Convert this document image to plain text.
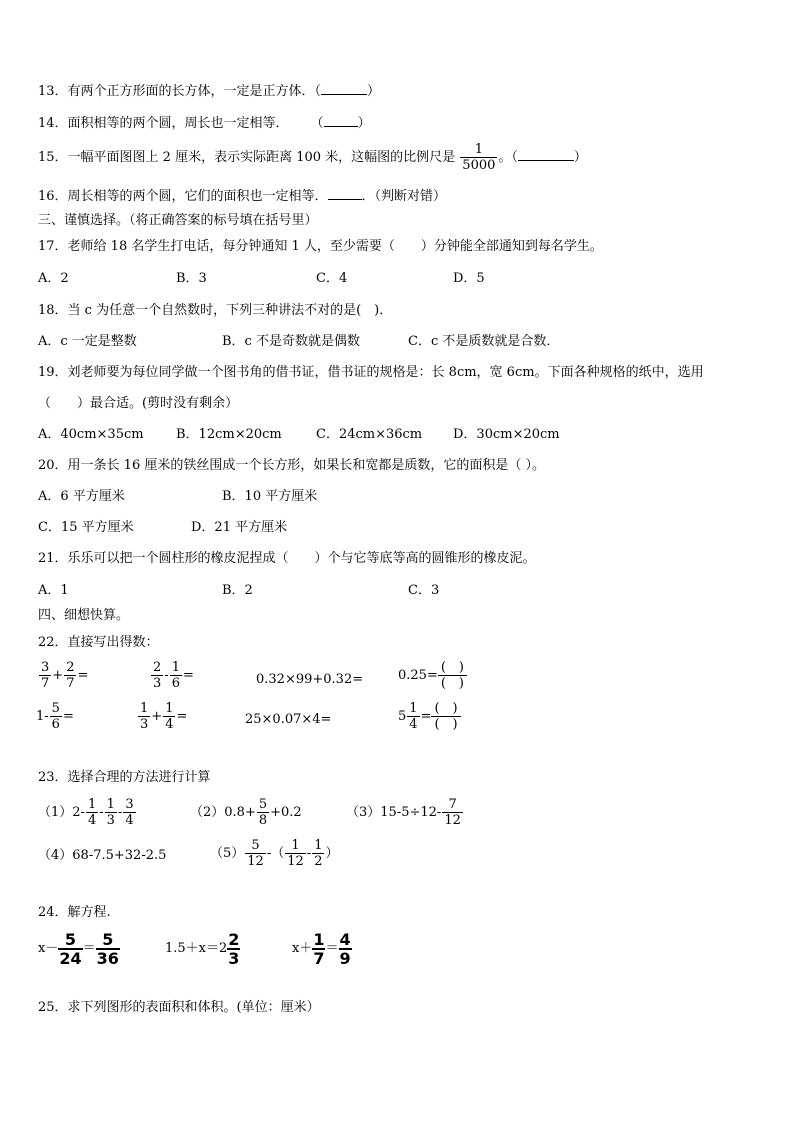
13．有两个正方形面的长方体，一定是正方体．（	）
14．面积相等的两个圆，周长也一定相等． （	）
15．一幅平面图图上 2 厘米，表示实际距离 100 米，这幅图的比例尺是 $\frac{1}{5000}$ 。（	）
16．周长相等的两个圆，它们的面积也一定相等．	．（判断对错）
三、谨慎选择。（将正确答案的标号填在括号里）
17．老师给 18 名学生打电话，每分钟通知 1 人，至少需要（　　）分钟能全部通知到每名学生。
A．2	B．3	C．4	D．5
18．当 c 为任意一个自然数时，下列三种讲法不对的是(　)．
A．c 一定是整数	B．c 不是奇数就是偶数	C．c 不是质数就是合数．
19．刘老师要为每位同学做一个图书角的借书证，借书证的规格是：长 8cm，宽 6cm。下面各种规格的纸中，选用
（　　）最合适。(剪时没有剩余）
A．40cm×35cm B．12cm×20cm	C．24cm×36cm D．30cm×20cm
20．用一条长 16 厘米的铁丝围成一个长方形，如果长和宽都是质数，它的面积是（ ）。
A．6 平方厘米	B．10 平方厘米
C．15 平方厘米	D．21 平方厘米
21．乐乐可以把一个圆柱形的橡皮泥捏成（　　）个与它等底等高的圆锥形的橡皮泥。
A．1	B．2	C．3
四、细想快算。
22．直接写出得数：
$\frac{3}{7} + \frac{2}{7}$ =	$\frac{2}{3} - \frac{1}{6}$ =	0.32×99+0.32=	0.25=
(　)
(　)
$1- \frac{5}{6}$ =	$\frac{1}{3} + \frac{1}{4}$ =	25×0.07×4=	$5 \frac{1}{4}$ =
(　)
(　)
23．选择合理的方法进行计算
$(1)2- \frac{1}{4} - \frac{1}{3} - \frac{3}{4}$	$(2)0.8+ \frac{5}{8} +0.2$	$(3)15-5\div 12- \frac{7}{12}$
（4）68-7.5+32-2.5	$(5) \frac{5}{12}$ -（ $\frac{1}{12} - \frac{1}{2}$ ）
24．解方程.
$x- \frac{5}{24} = \frac{5}{36}$	$1.5+x=2 \frac{2}{3}$	$x+ \frac{1}{7} = \frac{4}{9}$
25．求下列图形的表面积和体积。(单位：厘米）
